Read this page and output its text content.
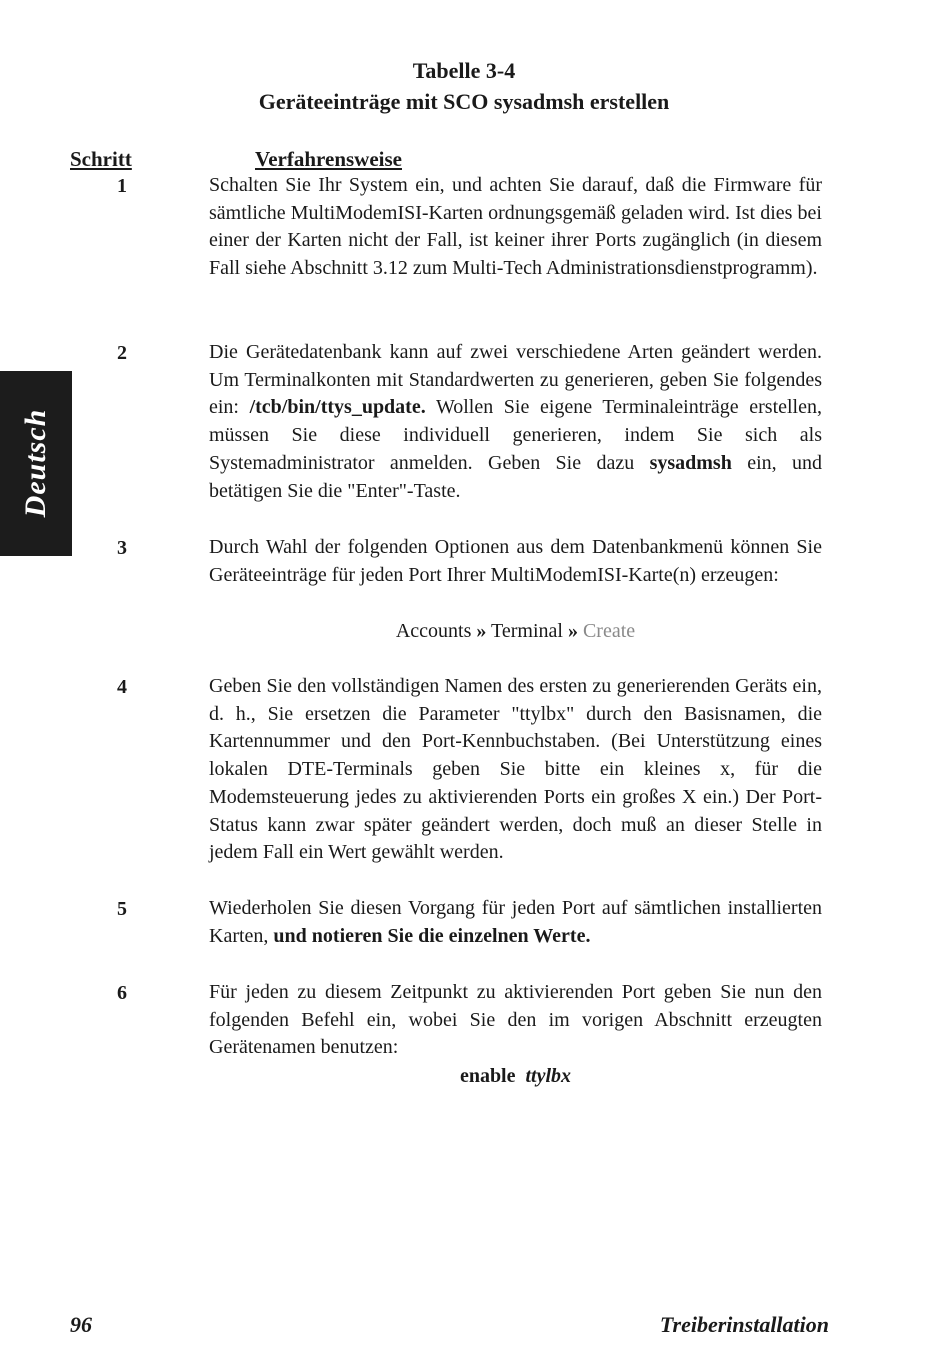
Tabelle 3-4
Geräteeinträge mit SCO sysadmsh erstellen
Schritt	Verfahrensweise
1	Schalten Sie Ihr System ein, und achten Sie darauf, daß die Firmware für sämtliche MultiModemISI-Karten ordnungsgemäß geladen wird. Ist dies bei einer der Karten nicht der Fall, ist keiner ihrer Ports zugänglich (in diesem Fall siehe Abschnitt 3.12 zum Multi-Tech Administrationsdienstprogramm).

2	Die Gerätedatenbank kann auf zwei verschiedene Arten geändert werden. Um Terminalkonten mit Standardwerten zu generieren, geben Sie folgendes ein: /tcb/bin/ttys_update. Wollen Sie eigene Terminaleinträge erstellen, müssen Sie diese individuell generieren, indem Sie sich als Systemadministrator anmelden. Geben Sie dazu sysadmsh ein, und betätigen Sie die "Enter"-Taste.

3	Durch Wahl der folgenden Optionen aus dem Datenbankmenü können Sie Geräteeinträge für jeden Port Ihrer MultiModemISI-Karte(n) erzeugen:

Accounts » Terminal » Create
4	Geben Sie den vollständigen Namen des ersten zu generierenden Geräts ein, d. h., Sie ersetzen die Parameter "ttylbx" durch den Basisnamen, die Kartennummer und den Port-Kennbuchstaben. (Bei Unterstützung eines lokalen DTE-Terminals geben Sie bitte ein kleines x, für die Modemsteuerung jedes zu aktivierenden Ports ein großes X ein.) Der Port-Status kann zwar später geändert werden, doch muß an dieser Stelle in jedem Fall ein Wert gewählt werden.

5	Wiederholen Sie diesen Vorgang für jeden Port auf sämtlichen installierten Karten, und notieren Sie die einzelnen Werte.

6	Für jeden zu diesem Zeitpunkt zu aktivierenden Port geben Sie nun den folgenden Befehl ein, wobei Sie den im vorigen Abschnitt erzeugten Gerätenamen benutzen:

enable ttylbx
Deutsch
96	Treiberinstallation
